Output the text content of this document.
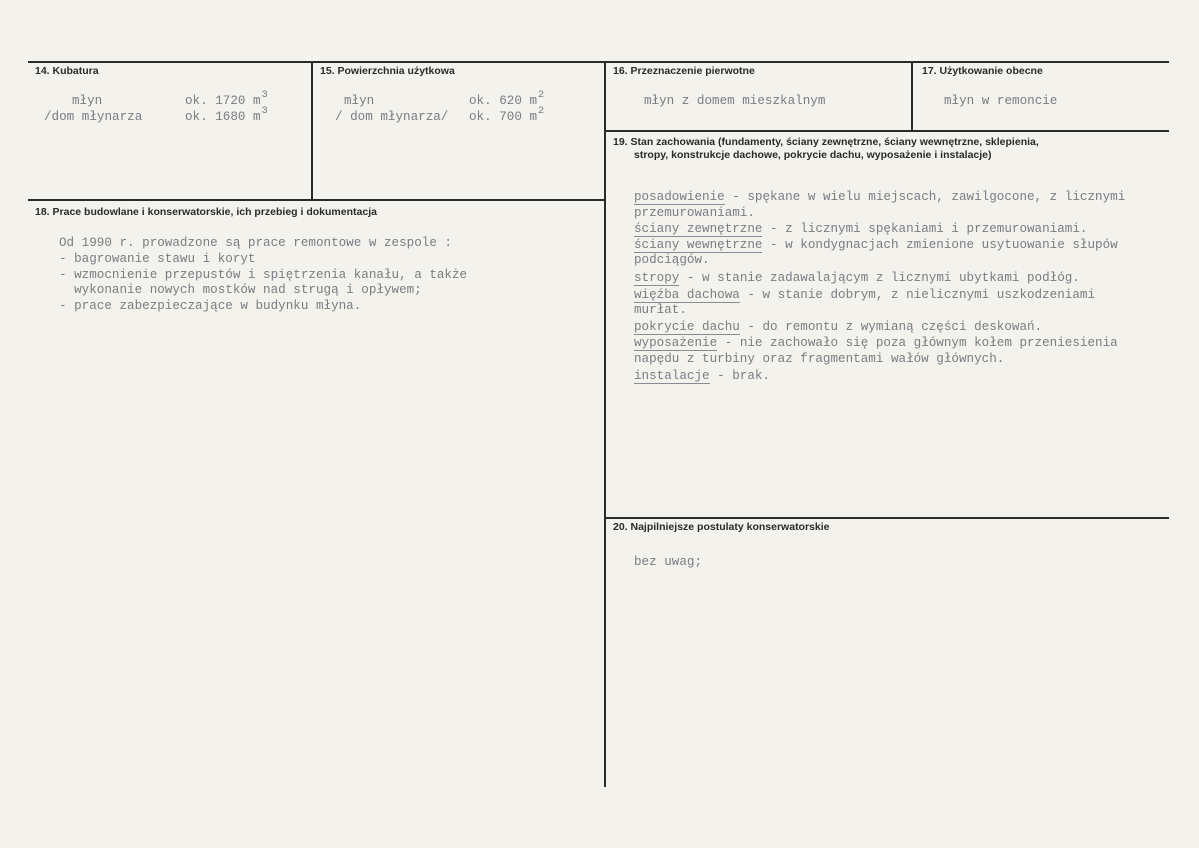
14. Kubatura
młyn	ok. 1720 $m^3$
/dom młynarza	ok. 1680 $m^3$
15. Powierzchnia użytkowa
młyn	ok. 620 $m^2$
/ dom młynarza/ ok. 700 $m^2$
16. Przeznaczenie pierwotne
młyn z domem mieszkalnym
17. Użytkowanie obecne
młyn w remoncie
18. Prace budowlane i konserwatorskie, ich przebieg i dokumentacja
Od 1990 r. prowadzone są prace remontowe w zespole :
- bagrowanie stawu i koryt
- wzmocnienie przepustów i spiętrzenia kanału, a także
wykonanie nowych mostków nad strugą i opływem;
- prace zabezpieczające w budynku młyna.
19. Stan zachowania (fundamenty, ściany zewnętrzne, ściany wewnętrzne, sklepienia,
stropy, konstrukcje dachowe, pokrycie dachu, wyposażenie i instalacje)
posadowienie - spękane w wielu miejscach, zawilgocone, z licznymi
przemurowaniami.
ściany zewnętrzne - z licznymi spękaniami i przemurowaniami.
ściany wewnętrzne - w kondygnacjach zmienione usytuowanie słupów
podciągów.
stropy - w stanie zadawalającym z licznymi ubytkami podłóg.
więźba dachowa - w stanie dobrym, z nielicznymi uszkodzeniami
murłat.
pokrycie dachu - do remontu z wymianą części deskowań.
wyposażenie - nie zachowało się poza głównym kołem przeniesienia
napędu z turbiny oraz fragmentami wałów głównych.
instalacje - brak.
20. Najpilniejsze postulaty konserwatorskie
bez uwag;
